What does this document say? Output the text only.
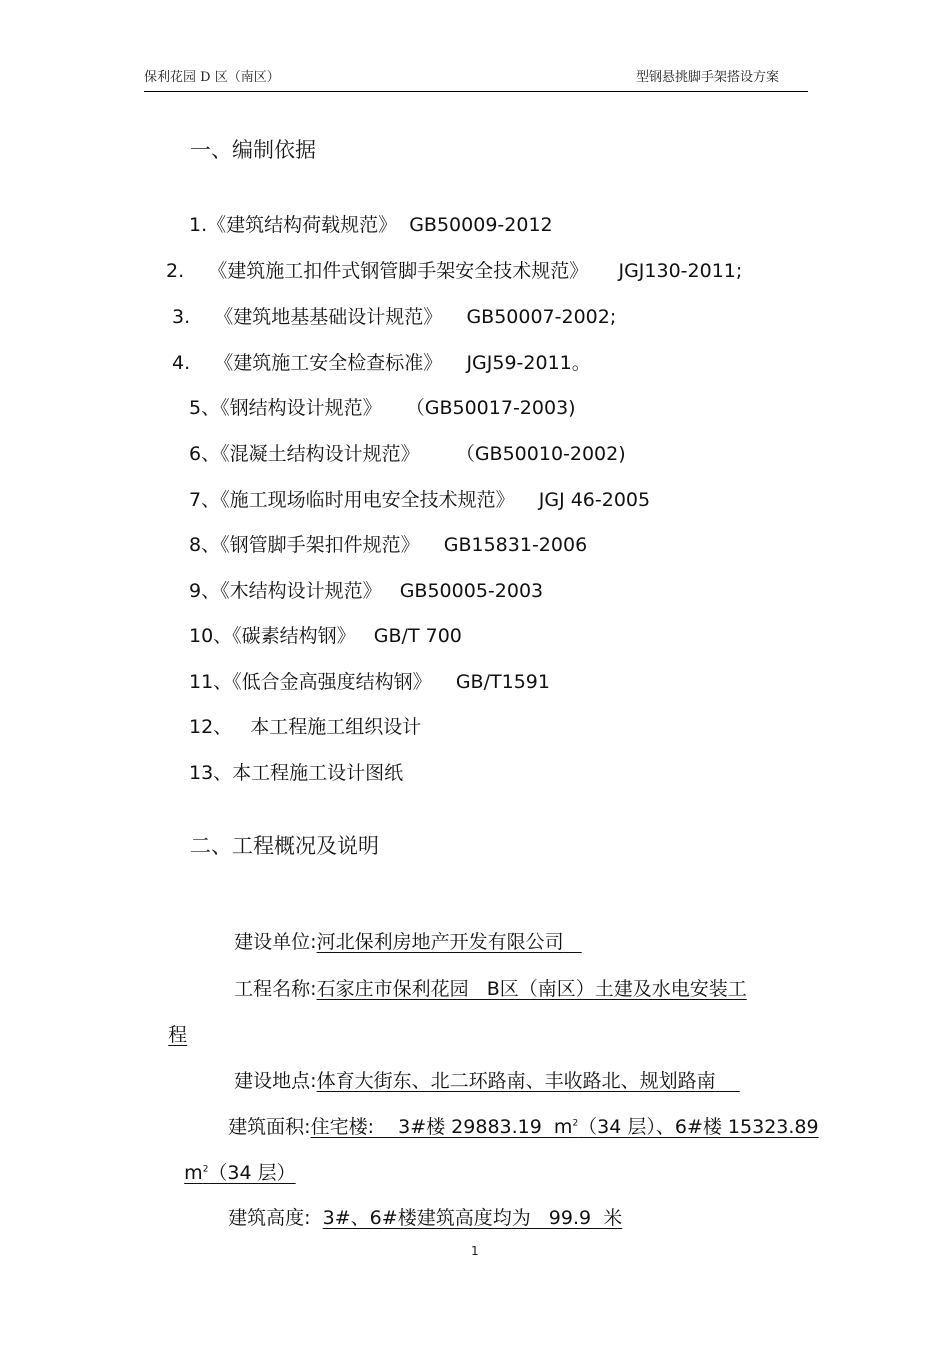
保利花园 D 区（南区）	型钢悬挑脚手架搭设方案
一、编制依据
1.《建筑结构荷载规范》  GB50009-2012
2.    《建筑施工扣件式钢管脚手架安全技术规范》     JGJ130-2011;
3.    《建筑地基基础设计规范》    GB50007-2002;
4.    《建筑施工安全检查标准》    JGJ59-2011。
5、《钢结构设计规范》    （GB50017-2003)
6、《混凝土结构设计规范》      （GB50010-2002)
7、《施工现场临时用电安全技术规范》    JGJ 46-2005
8、《钢管脚手架扣件规范》    GB15831-2006
9、《木结构设计规范》   GB50005-2003
10、《碳素结构钢》   GB/T 700
11、《低合金高强度结构钢》    GB/T1591
12、   本工程施工组织设计
13、本工程施工设计图纸
二、工程概况及说明

建设单位:河北保利房地产开发有限公司

工程名称:石家庄市保利花园   B区（南区）土建及水电安装工

程

建设地点:体育大街东、北二环路南、丰收路北、规划路南

建筑面积:住宅楼:    3#楼 29883.19  $m^2(34$ 层）、6#楼 15323.89

$m^2(34$ 层）

建筑高度: 3#、6#楼建筑高度均为   99.9  米

1
